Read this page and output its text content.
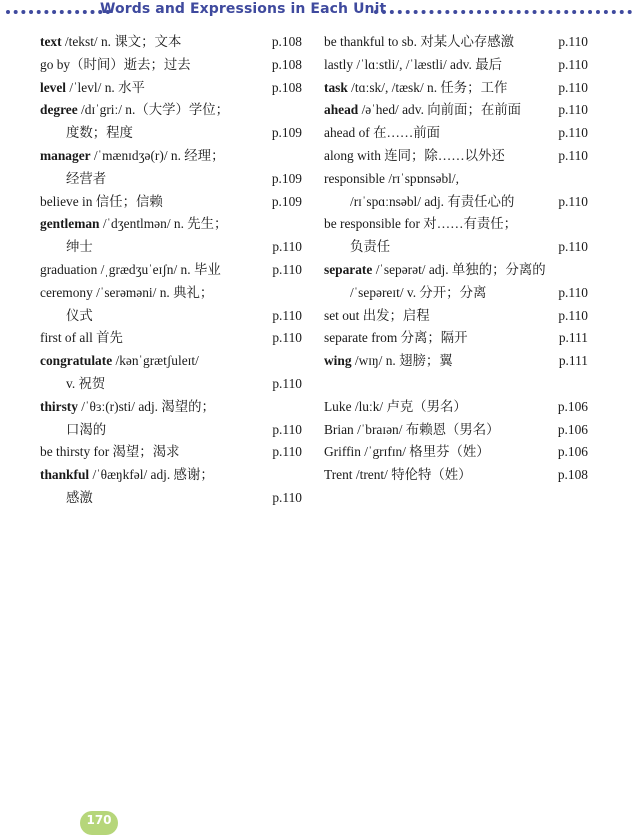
Words and Expressions in Each Unit
text /tekst/ n. 课文；文本	p.108
go by（时间）逝去；过去	p.108
level /ˈlevl/ n. 水平	p.108
degree /dɪˈgriː/ n.（大学）学位；
度数；程度	p.109
manager /ˈmænɪdʒə(r)/ n. 经理；
经营者	p.109
believe in 信任；信赖	p.109
gentleman /ˈdʒentlmən/ n. 先生；
绅士	p.110
graduation /ˌgrædʒuˈeɪʃn/ n. 毕业	p.110
ceremony /ˈserəməni/ n. 典礼；
仪式	p.110
first of all 首先	p.110
congratulate /kənˈgrætʃuleɪt/
v. 祝贺	p.110
thirsty /ˈθɜː(r)sti/ adj. 渴望的；
口渴的	p.110
be thirsty for 渴望；渴求	p.110
thankful /ˈθæŋkfəl/ adj. 感谢；
感激	p.110
be thankful to sb. 对某人心存感激	p.110
lastly /ˈlɑːstli/, /ˈlæstli/ adv. 最后	p.110
task /tɑːsk/, /tæsk/ n. 任务；工作	p.110
ahead /əˈhed/ adv. 向前面；在前面	p.110
ahead of 在……前面	p.110
along with 连同；除……以外还	p.110
responsible /rɪˈspɒnsəbl/,
/rɪˈspɑːnsəbl/ adj. 有责任心的	p.110
be responsible for 对……有责任；
负责任	p.110
separate /ˈsepərət/ adj. 单独的；分离的
/ˈsepəreɪt/ v. 分开；分离	p.110
set out 出发；启程	p.110
separate from 分离；隔开	p.111
wing /wɪŋ/ n. 翅膀；翼	p.111
Luke /luːk/ 卢克（男名）	p.106
Brian /ˈbraɪən/ 布赖恩（男名）	p.106
Griffin /ˈgrɪfɪn/ 格里芬（姓）	p.106
Trent /trent/ 特伦特（姓）	p.108
170
